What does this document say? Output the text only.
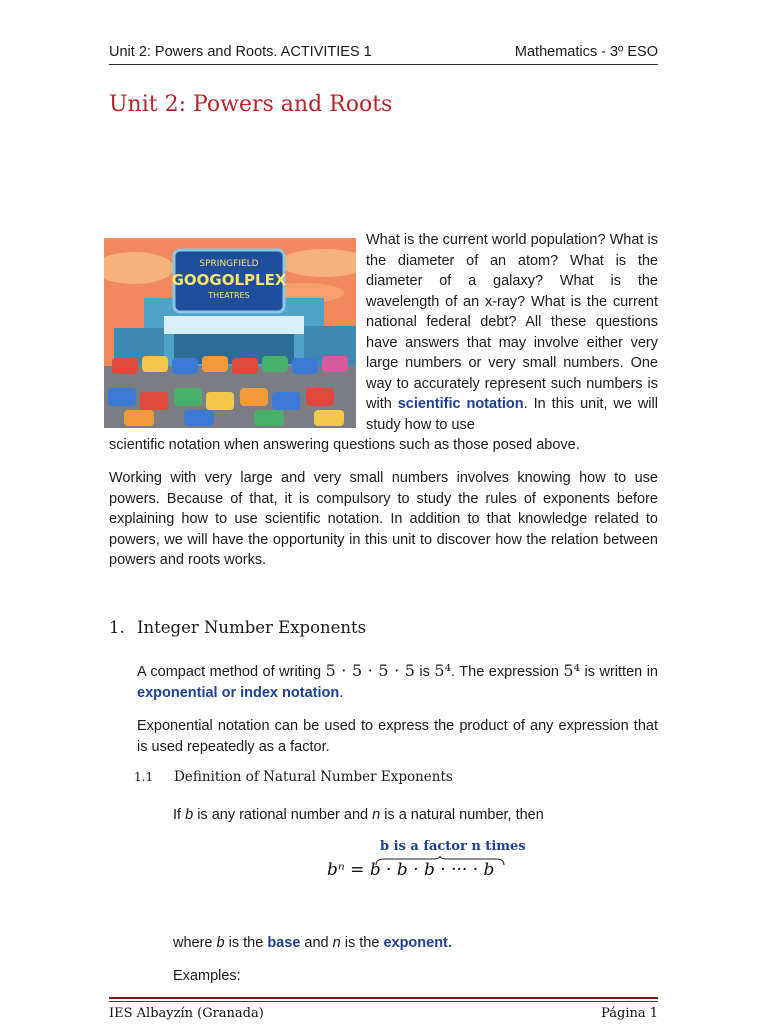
Unit 2: Powers and Roots. ACTIVITIES 1	Mathematics - 3º ESO
Unit 2: Powers and Roots
SPRINGFIELD
GOOGOLPLEX
THEATRES
What is the current world population? What is the diameter of an atom? What is the diameter of a galaxy? What is the wavelength of an x-ray? What is the current national federal debt? All these questions have answers that may involve either very large numbers or very small numbers. One way to accurately represent such numbers is with scientific notation. In this unit, we will study how to use
scientific notation when answering questions such as those posed above.
Working with very large and very small numbers involves knowing how to use powers. Because of that, it is compulsory to study the rules of exponents before explaining how to use scientific notation. In addition to that knowledge related to powers, we will have the opportunity in this unit to discover how the relation between powers and roots works.
1. Integer Number Exponents
A compact method of writing 5 · 5 · 5 · 5 is 5⁴. The expression 5⁴ is written in exponential or index notation.
Exponential notation can be used to express the product of any expression that is used repeatedly as a factor.
1.1 Definition of Natural Number Exponents
If b is any rational number and n is a natural number, then
b is a factor n times
bⁿ = b · b · b · ··· · b
where b is the base and n is the exponent.
Examples:
IES Albayzín (Granada)	Página 1
